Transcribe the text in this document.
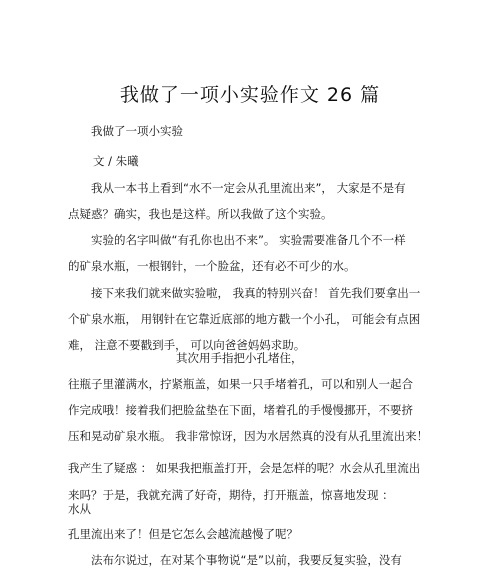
我做了一项小实验作文 26 篇
我做了一项小实验
文 / 朱曦
我从一本书上看到“水不一定会从孔里流出来”， 大家是不是有
点疑惑？确实，我也是这样。所以我做了这个实验。
实验的名字叫做“有孔你也出不来”。 实验需要准备几个不一样
的矿泉水瓶，一根钢针，一个脸盆，还有必不可少的水。
接下来我们就来做实验啦， 我真的特别兴奋！ 首先我们要拿出一
个矿泉水瓶， 用钢针在它靠近底部的地方戳一个小孔， 可能会有点困
难， 注意不要戳到手， 可以向爸爸妈妈求助。
其次用手指把小孔堵住，
往瓶子里灌满水，拧紧瓶盖，如果一只手堵着孔，可以和别人一起合
作完成哦！接着我们把脸盆垫在下面，堵着孔的手慢慢挪开，不要挤
压和晃动矿泉水瓶。 我非常惊讶，因为水居然真的没有从孔里流出来！
我产生了疑惑 ： 如果我把瓶盖打开，会是怎样的呢？水会从孔里流出
来吗？于是，我就充满了好奇，期待，打开瓶盖，惊喜地发现 ：
水从
孔里流出来了！但是它怎么会越流越慢了呢？
法布尔说过，在对某个事物说“是”以前，我要反复实验，没有
